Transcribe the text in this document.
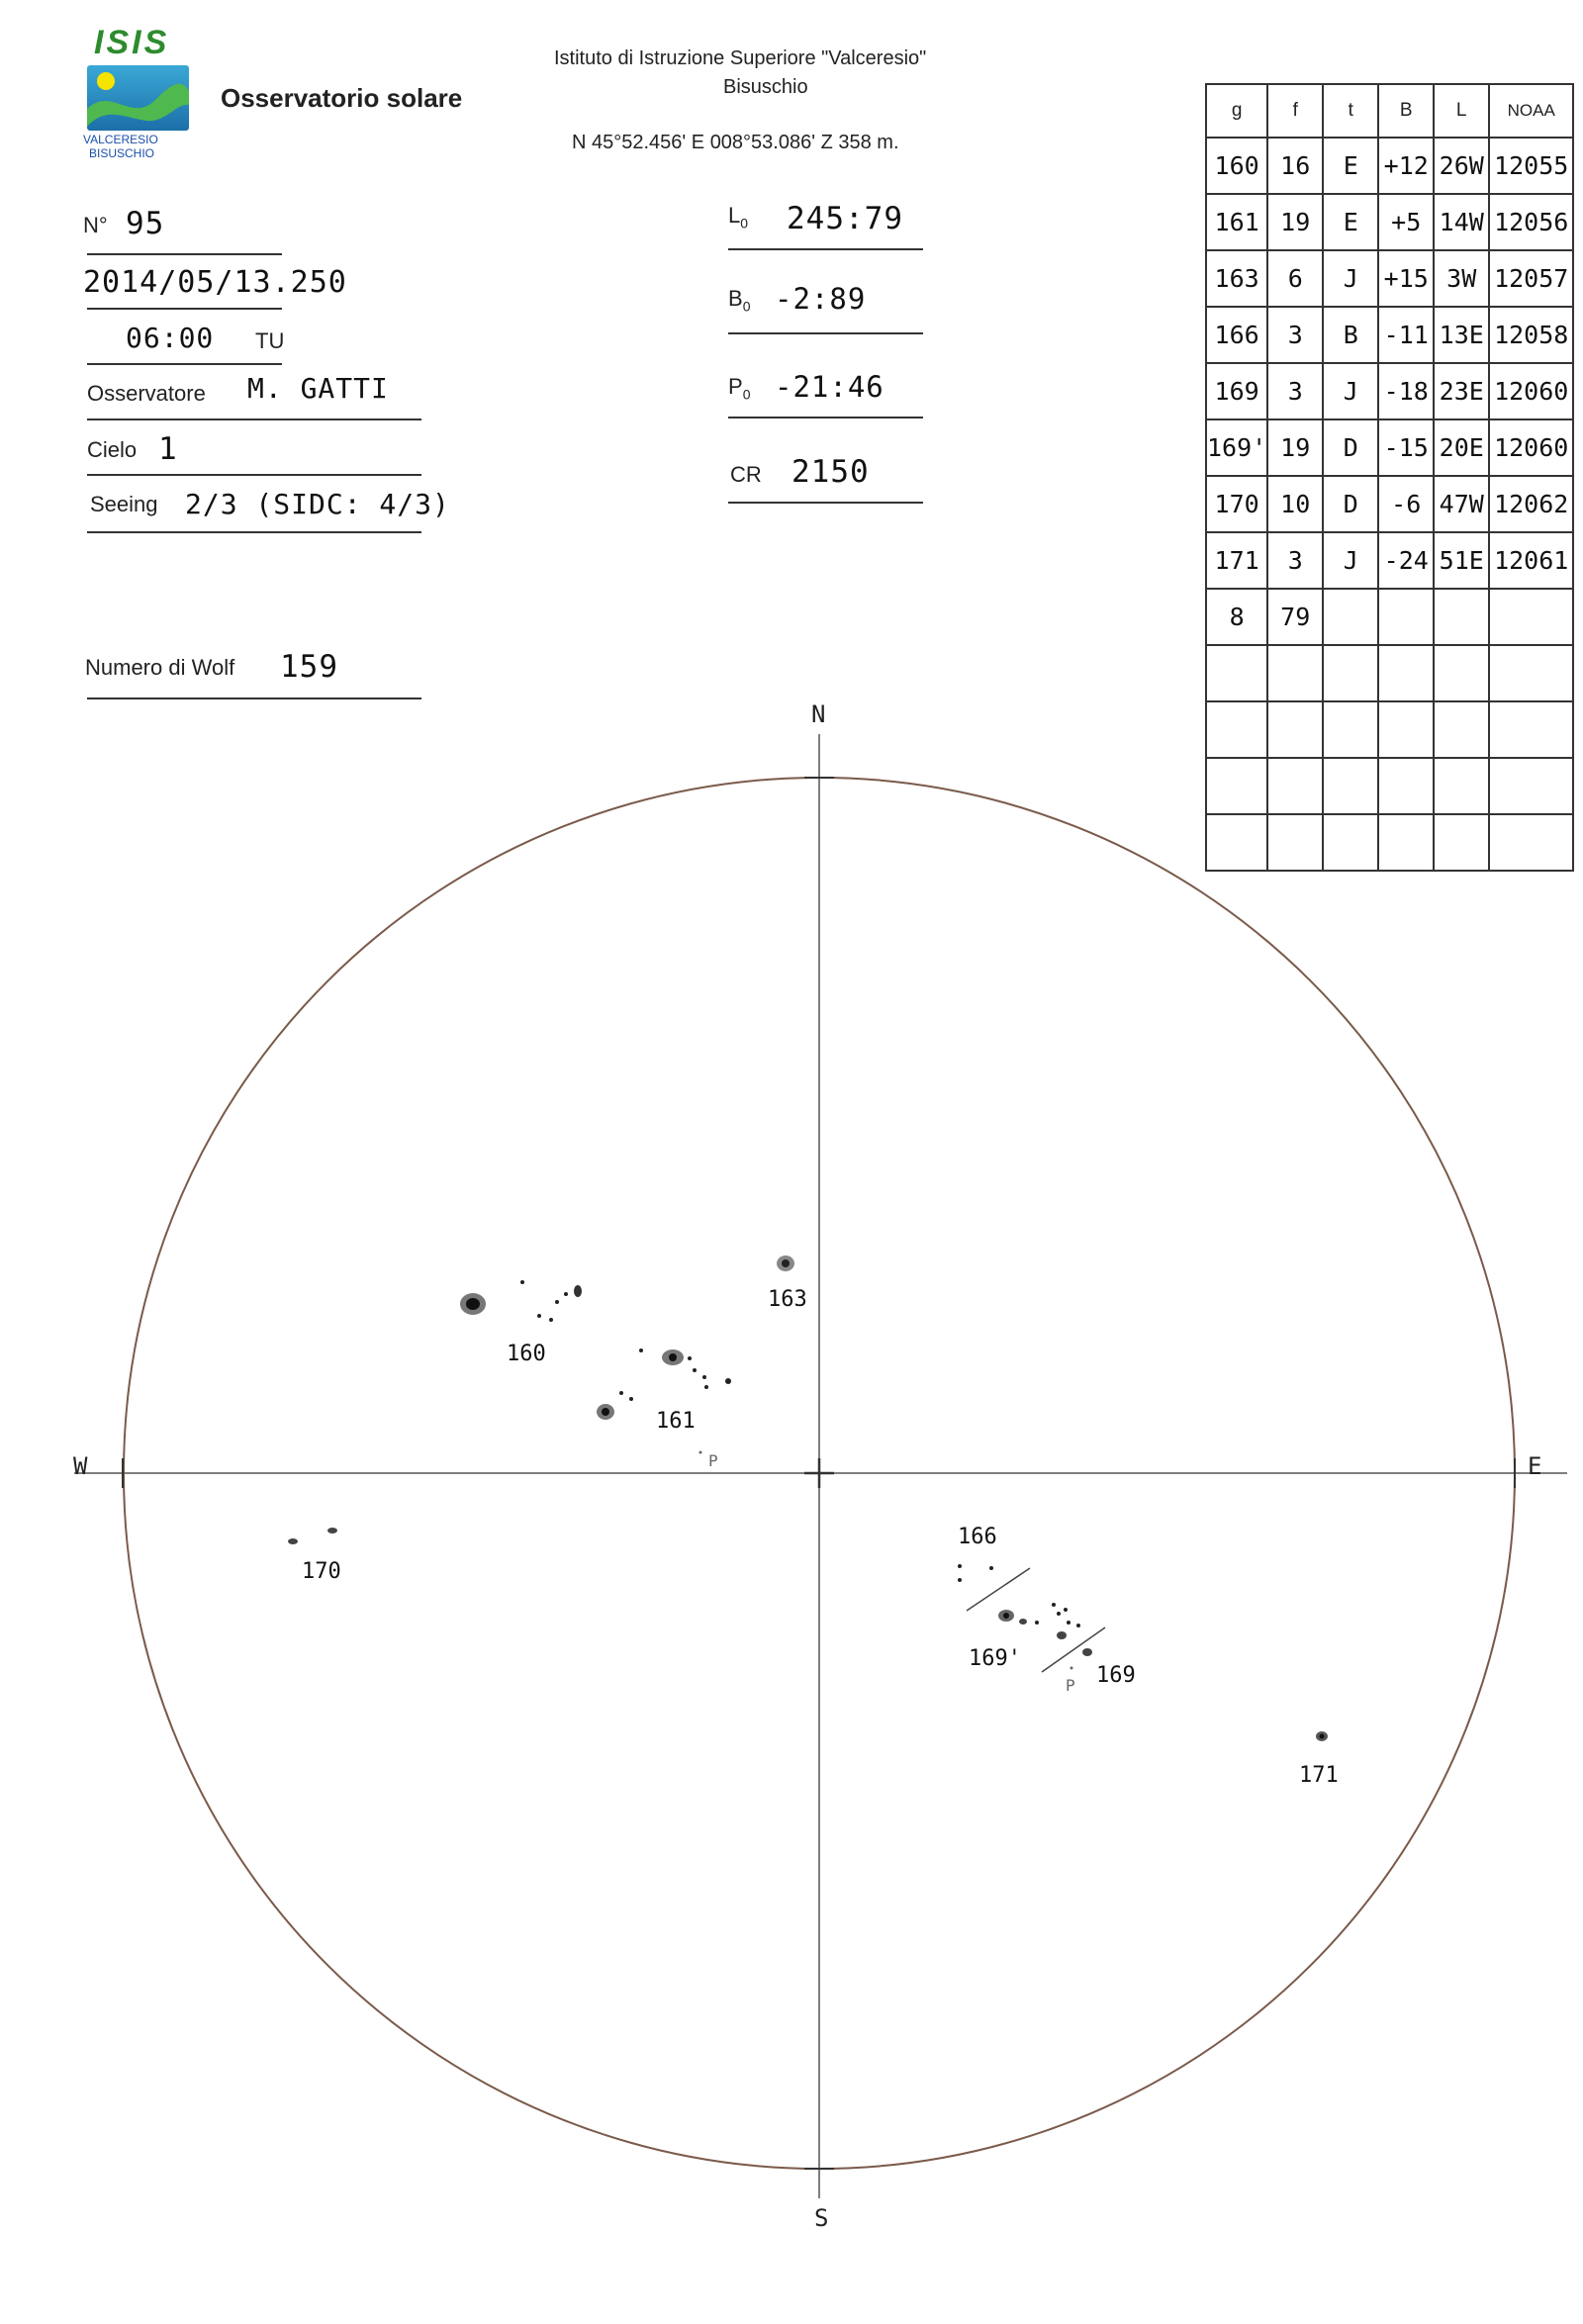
ISIS
VALCERESIO
BISUSCHIO
Osservatorio solare
Istituto di Istruzione Superiore "Valceresio"
Bisuschio
N 45°52.456' E 008°53.086' Z 358 m.
N° 95
2014/05/13.250
06:00 TU
Osservatore M. GATTI
Cielo 1
Seeing 2/3 (SIDC: 4/3)
Numero di Wolf 159
$L_0$ 245:79
$B_0$ -2:89
$P_0$ -21:46
CR 2150
g	f	t	B	L	NOAA
160	16	E	+12	26W	12055
161	19	E	+5	14W	12056
163	6	J	+15	3W	12057
166	3	B	-11	13E	12058
169	3	J	-18	23E	12060
169'	19	D	-15	20E	12060
170	10	D	-6	47W	12062
171	3	J	-24	51E	12061
8	79				

N
S
E
W
160
163
161
P
170
166
169'
169
P
171
